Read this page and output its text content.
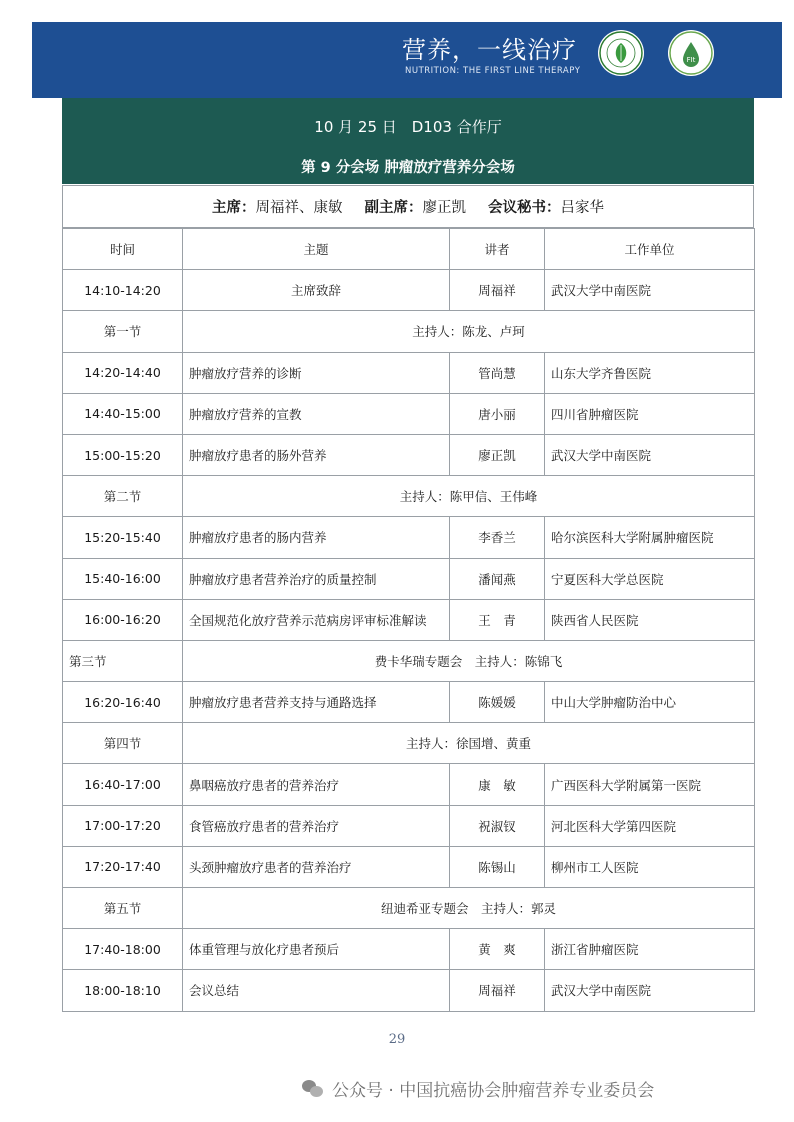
营养，一线治疗
NUTRITION: THE FIRST LINE THERAPY
FIt
10 月 25 日　D103 合作厅
第 9 分会场 肿瘤放疗营养分会场
主席： 周福祥、康敏 副主席： 廖正凯 会议秘书： 吕家华
时间	主题	讲者	工作单位
14:10-14:20	主席致辞	周福祥	武汉大学中南医院
第一节	主持人：陈龙、卢珂		
14:20-14:40	肿瘤放疗营养的诊断	管尚慧	山东大学齐鲁医院
14:40-15:00	肿瘤放疗营养的宣教	唐小丽	四川省肿瘤医院
15:00-15:20	肿瘤放疗患者的肠外营养	廖正凯	武汉大学中南医院
第二节	主持人：陈甲信、王伟峰		
15:20-15:40	肿瘤放疗患者的肠内营养	李香兰	哈尔滨医科大学附属肿瘤医院
15:40-16:00	肿瘤放疗患者营养治疗的质量控制	潘闻燕	宁夏医科大学总医院
16:00-16:20	全国规范化放疗营养示范病房评审标准解读	王　青	陕西省人民医院
第三节	费卡华瑞专题会　主持人：陈锦飞		
16:20-16:40	肿瘤放疗患者营养支持与通路选择	陈媛媛	中山大学肿瘤防治中心
第四节	主持人：徐国增、黄重		
16:40-17:00	鼻咽癌放疗患者的营养治疗	康　敏	广西医科大学附属第一医院
17:00-17:20	食管癌放疗患者的营养治疗	祝淑钗	河北医科大学第四医院
17:20-17:40	头颈肿瘤放疗患者的营养治疗	陈锡山	柳州市工人医院
第五节	纽迪希亚专题会　主持人：郭灵		
17:40-18:00	体重管理与放化疗患者预后	黄　爽	浙江省肿瘤医院
18:00-18:10	会议总结	周福祥	武汉大学中南医院
29
公众号 · 中国抗癌协会肿瘤营养专业委员会
